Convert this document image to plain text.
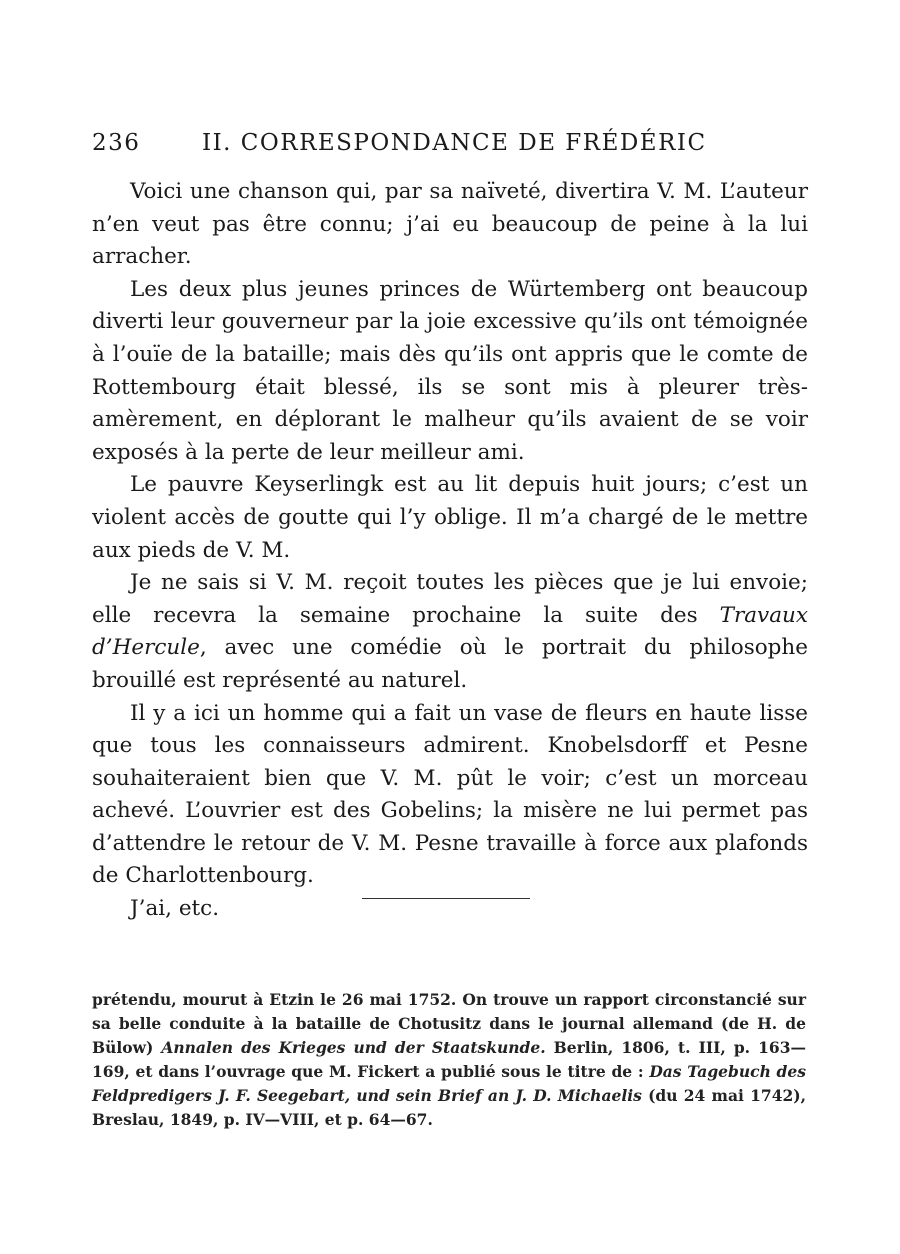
236	II. CORRESPONDANCE DE FRÉDÉRIC

Voici une chanson qui, par sa naïveté, divertira V. M. L’auteur n’en veut pas être connu; j’ai eu beaucoup de peine à la lui arracher.

Les deux plus jeunes princes de Würtemberg ont beaucoup diverti leur gouverneur par la joie excessive qu’ils ont témoignée à l’ouïe de la bataille; mais dès qu’ils ont appris que le comte de Rottembourg était blessé, ils se sont mis à pleurer très-amèrement, en déplorant le malheur qu’ils avaient de se voir exposés à la perte de leur meilleur ami.

Le pauvre Keyserlingk est au lit depuis huit jours; c’est un violent accès de goutte qui l’y oblige. Il m’a chargé de le mettre aux pieds de V. M.

Je ne sais si V. M. reçoit toutes les pièces que je lui envoie; elle recevra la semaine prochaine la suite des Travaux d’Hercule, avec une comédie où le portrait du philosophe brouillé est représenté au naturel.

Il y a ici un homme qui a fait un vase de fleurs en haute lisse que tous les connaisseurs admirent. Knobelsdorff et Pesne souhaiteraient bien que V. M. pût le voir; c’est un morceau achevé. L’ouvrier est des Gobelins; la misère ne lui permet pas d’attendre le retour de V. M. Pesne travaille à force aux plafonds de Charlottenbourg.

J’ai, etc.

prétendu, mourut à Etzin le 26 mai 1752. On trouve un rapport circonstancié sur sa belle conduite à la bataille de Chotusitz dans le journal allemand (de H. de Bülow) Annalen des Krieges und der Staatskunde. Berlin, 1806, t. III, p. 163—169, et dans l’ouvrage que M. Fickert a publié sous le titre de : Das Tagebuch des Feldpredigers J. F. Seegebart, und sein Brief an J. D. Michaelis (du 24 mai 1742), Breslau, 1849, p. IV—VIII, et p. 64—67.
